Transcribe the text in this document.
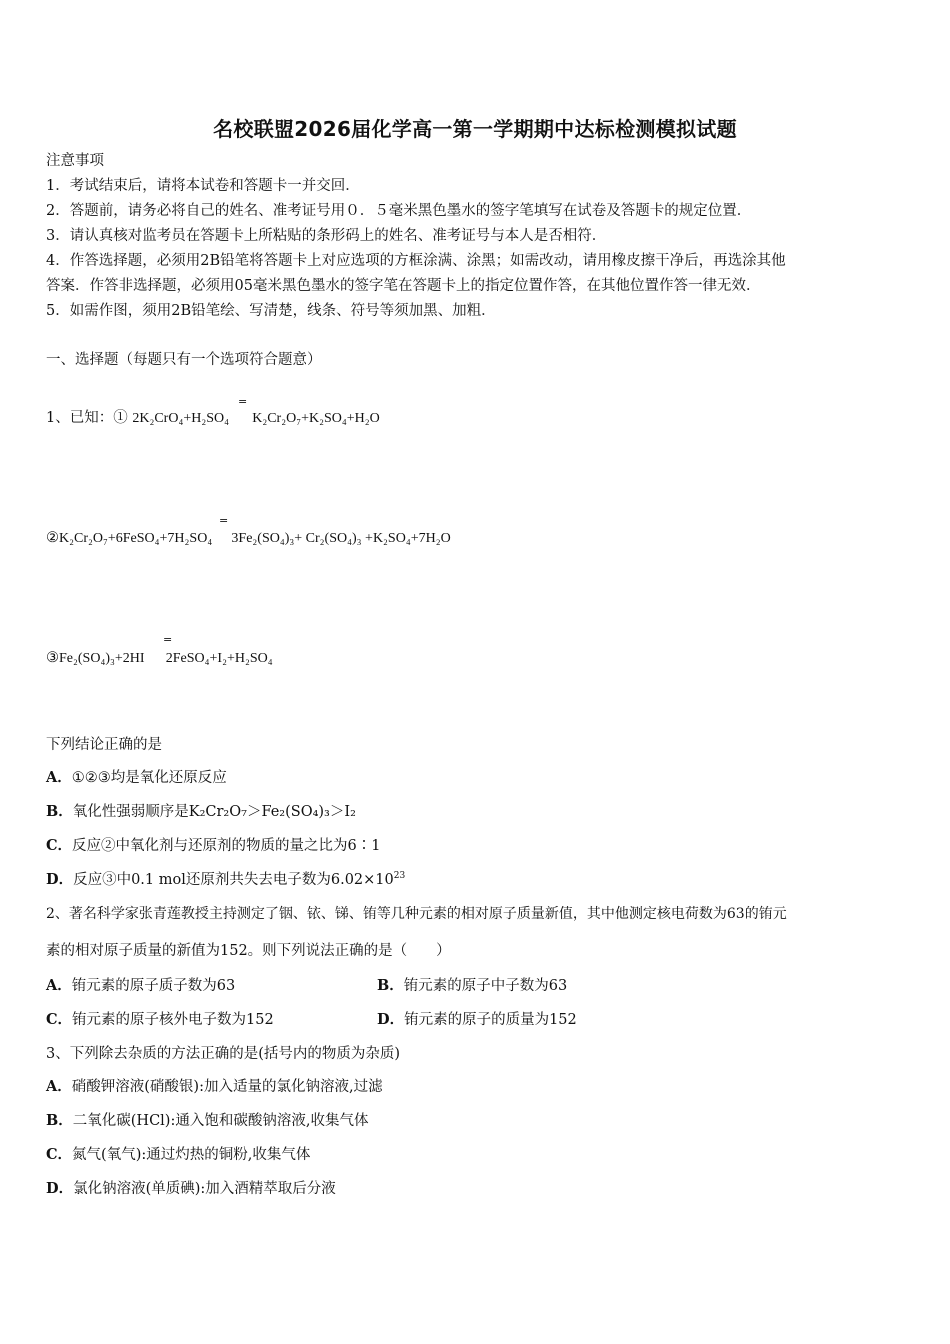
名校联盟2026届化学高一第一学期期中达标检测模拟试题
注意事项
1．考试结束后，请将本试卷和答题卡一并交回．
2．答题前，请务必将自己的姓名、准考证号用０．５毫米黑色墨水的签字笔填写在试卷及答题卡的规定位置．
3．请认真核对监考员在答题卡上所粘贴的条形码上的姓名、准考证号与本人是否相符．
4．作答选择题，必须用2B铅笔将答题卡上对应选项的方框涂满、涂黑；如需改动，请用橡皮擦干净后，再选涂其他
答案．作答非选择题，必须用05毫米黑色墨水的签字笔在答题卡上的指定位置作答，在其他位置作答一律无效．
5．如需作图，须用2B铅笔绘、写清楚，线条、符号等须加黑、加粗．
一、选择题（每题只有一个选项符合题意）
1、已知：① 2K₂CrO₄+H₂SO₄ K₂Cr₂O₇+K₂SO₄+H₂O
=
②K₂Cr₂O₇+6FeSO₄+7H₂SO₄ 3Fe₂(SO₄)₃+ Cr₂(SO₄)₃ +K₂SO₄+7H₂O
=
③Fe₂(SO₄)₃+2HI 2FeSO₄+I₂+H₂SO₄
=
下列结论正确的是
A．①②③均是氧化还原反应
B．氧化性强弱顺序是K₂Cr₂O₇＞Fe₂(SO₄)₃＞I₂
C．反应②中氧化剂与还原剂的物质的量之比为6∶1
D．反应③中0.1 mol还原剂共失去电子数为$6.02\times 10^{23}$
2、著名科学家张青莲教授主持测定了铟、铱、锑、铕等几种元素的相对原子质量新值，其中他测定核电荷数为63的铕元
素的相对原子质量的新值为152。则下列说法正确的是（　　）
A．铕元素的原子质子数为63	B．铕元素的原子中子数为63
C．铕元素的原子核外电子数为152	D．铕元素的原子的质量为152
3、下列除去杂质的方法正确的是(括号内的物质为杂质)
A．硝酸钾溶液(硝酸银):加入适量的氯化钠溶液,过滤
B．二氧化碳(HCl):通入饱和碳酸钠溶液,收集气体
C．氮气(氧气):通过灼热的铜粉,收集气体
D．氯化钠溶液(单质碘):加入酒精萃取后分液
